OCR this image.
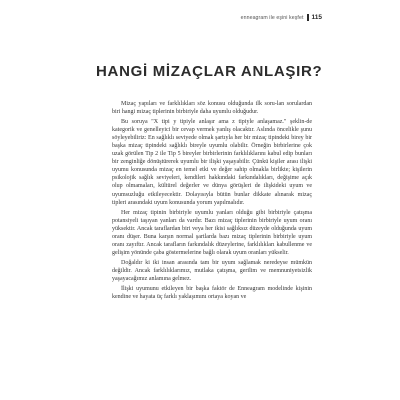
enneagram ile eşini keşfet 115
HANGİ MİZAÇLAR ANLAŞIR?

Mizaç yapıları ve farklılıkları söz konusu olduğunda ilk soru-lan sorulardan biri hangi mizaç tiplerinin birbiriyle daha uyumlu olduğudur.

Bu soruya "X tipi y tipiyle anlaşır ama z tipiyle anlaşamaz." şeklin-de kategorik ve genelleyici bir cevap vermek yanlış olacaktır. Aslında öncelikle şunu söyleyebiliriz: En sağlıklı seviyede olmak şartıyla her bir mizaç tipindeki birey bir başka mizaç tipindeki sağlıklı bireyle uyumlu olabilir. Örneğin birbirlerine çok uzak görülen Tip 2 ile Tip 5 bireyler birbirlerinin farklılıklarını kabul edip bunları bir zenginliğe dönüştürerek uyumlu bir ilişki yaşayabilir. Çünkü kişiler arası ilişki uyumu konusunda mizaç en temel etki ve değer sahip olmakla birlikte; kişilerin psikolojik sağlık seviyeleri, kendileri hakkındaki farkındalıkları, değişime açık olup olmamaları, kültürel değerler ve dünya görüşleri de ilişkideki uyum ve uyumsuzluğu etkileyecektir. Dolayısıyla bütün bunlar dikkate alınarak mizaç tipleri arasındaki uyum konusunda yorum yapılmalıdır.

Her mizaç tipinin birbiriyle uyumlu yanları olduğu gibi birbiriyle çatışma potansiyeli taşıyan yanları da vardır. Bazı mizaç tiplerinin birbiriyle uyum oranı yüksektir. Ancak taraflardan biri veya her ikisi sağlıksız düzeyde olduğunda uyum oranı düşer. Buna karşın normal şartlarda bazı mizaç tiplerinin birbiriyle uyum oranı zayıftır. Ancak tarafların farkındalık düzeylerine, farklılıkları kabullenme ve gelişim yönünde çaba göstermelerine bağlı olarak uyum oranları yükselir.

Doğaldır ki iki insan arasında tam bir uyum sağlamak neredeyse mümkün değildir. Ancak farklılıklarımız, mutlaka çatışma, gerilim ve memnuniyetsizlik yaşayacağımız anlamına gelmez.

İlişki uyumunu etkileyen bir başka faktör de Enneagram modelinde kişinin kendine ve hayata üç farklı yaklaşımını ortaya koyan ve
